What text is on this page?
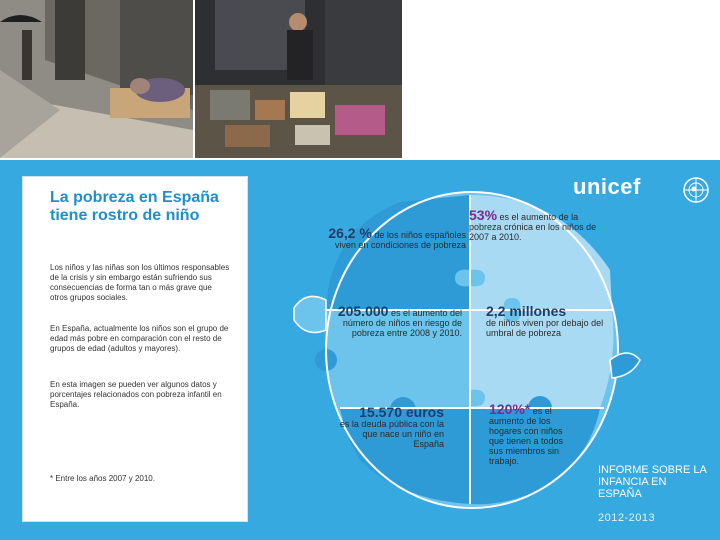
La pobreza en España tiene rostro de niño
Los niños y las niñas son los últimos responsables de la crisis y sin embargo están sufriendo sus consecuencias de forma tan o más grave que otros grupos sociales.
En España, actualmente los niños son el grupo de edad más pobre en comparación con el resto de grupos de edad (adultos y mayores).
En esta imagen se pueden ver algunos datos y porcentajes relacionados con pobreza infantil en España.
* Entre los años 2007 y 2010.
unicef
26,2 % de los niños españoles viven en condiciones de pobreza
53% es el aumento de la pobreza crónica en los niños de 2007 a 2010.
205.000 es el aumento del número de niños en riesgo de pobreza entre 2008 y 2010.
2,2 millones
de niños viven por debajo del umbral de pobreza
15.570 euros
es la deuda pública con la que nace un niño en España
120%* es el aumento de los hogares con niños que tienen a todos sus miembros sin trabajo.
INFORME SOBRE LA INFANCIA EN ESPAÑA
2012-2013
